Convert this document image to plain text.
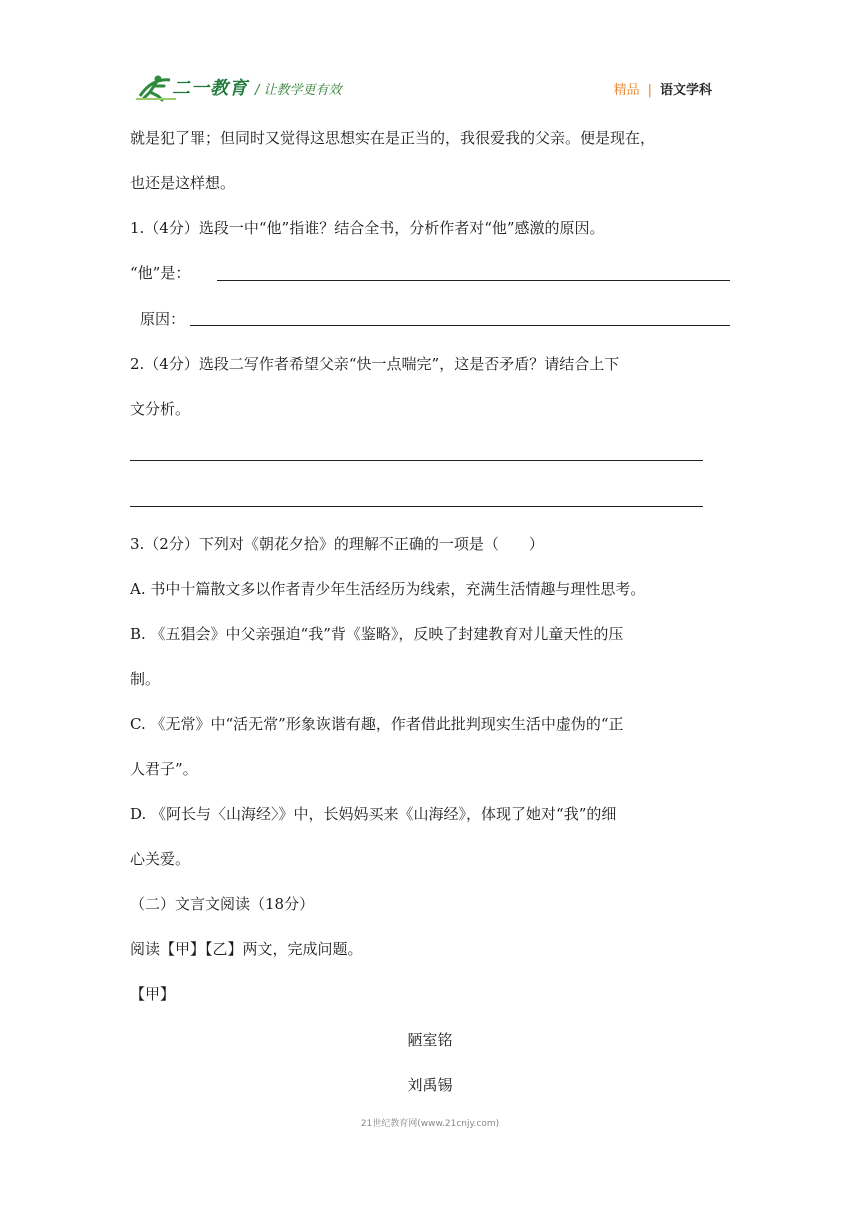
二一教育 / 让教学更有效	精品 | 语文学科
就是犯了罪；但同时又觉得这思想实在是正当的，我很爱我的父亲。便是现在，
也还是这样想。
1.（4分）选段一中“他”指谁？结合全书，分析作者对“他”感激的原因。
“他”是：
原因：
2.（4分）选段二写作者希望父亲“快一点喘完”，这是否矛盾？请结合上下
文分析。
3.（2分）下列对《朝花夕拾》的理解不正确的一项是（　　）
A. 书中十篇散文多以作者青少年生活经历为线索，充满生活情趣与理性思考。
B. 《五猖会》中父亲强迫“我”背《鉴略》，反映了封建教育对儿童天性的压
制。
C. 《无常》中“活无常”形象诙谐有趣，作者借此批判现实生活中虚伪的“正
人君子”。
D. 《阿长与〈山海经〉》中，长妈妈买来《山海经》，体现了她对“我”的细
心关爱。
（二）文言文阅读（18分）
阅读【甲】【乙】两文，完成问题。
【甲】
陋室铭
刘禹锡
21世纪教育网(www.21cnjy.com)
